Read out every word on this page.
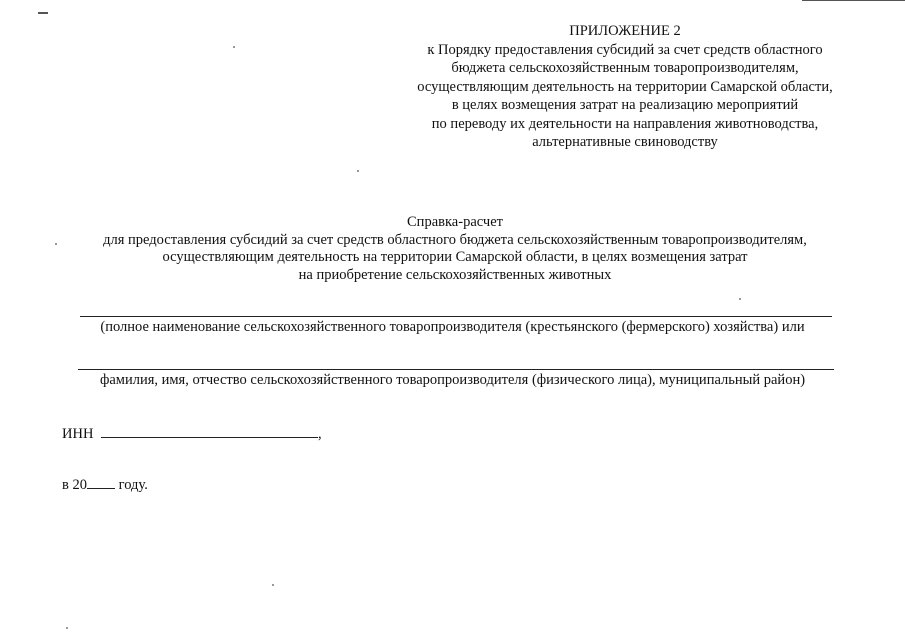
ПРИЛОЖЕНИЕ 2
к Порядку предоставления субсидий за счет средств областного
бюджета сельскохозяйственным товаропроизводителям,
осуществляющим деятельность на территории Самарской области,
в целях возмещения затрат на реализацию мероприятий
по переводу их деятельности на направления животноводства,
альтернативные свиноводству
Справка-расчет
для предоставления субсидий за счет средств областного бюджета сельскохозяйственным товаропроизводителям,
осуществляющим деятельность на территории Самарской области, в целях возмещения затрат
на приобретение сельскохозяйственных животных
(полное наименование сельскохозяйственного товаропроизводителя (крестьянского (фермерского) хозяйства) или
фамилия, имя, отчество сельскохозяйственного товаропроизводителя (физического лица), муниципальный район)
ИНН	,
в 20 году.
